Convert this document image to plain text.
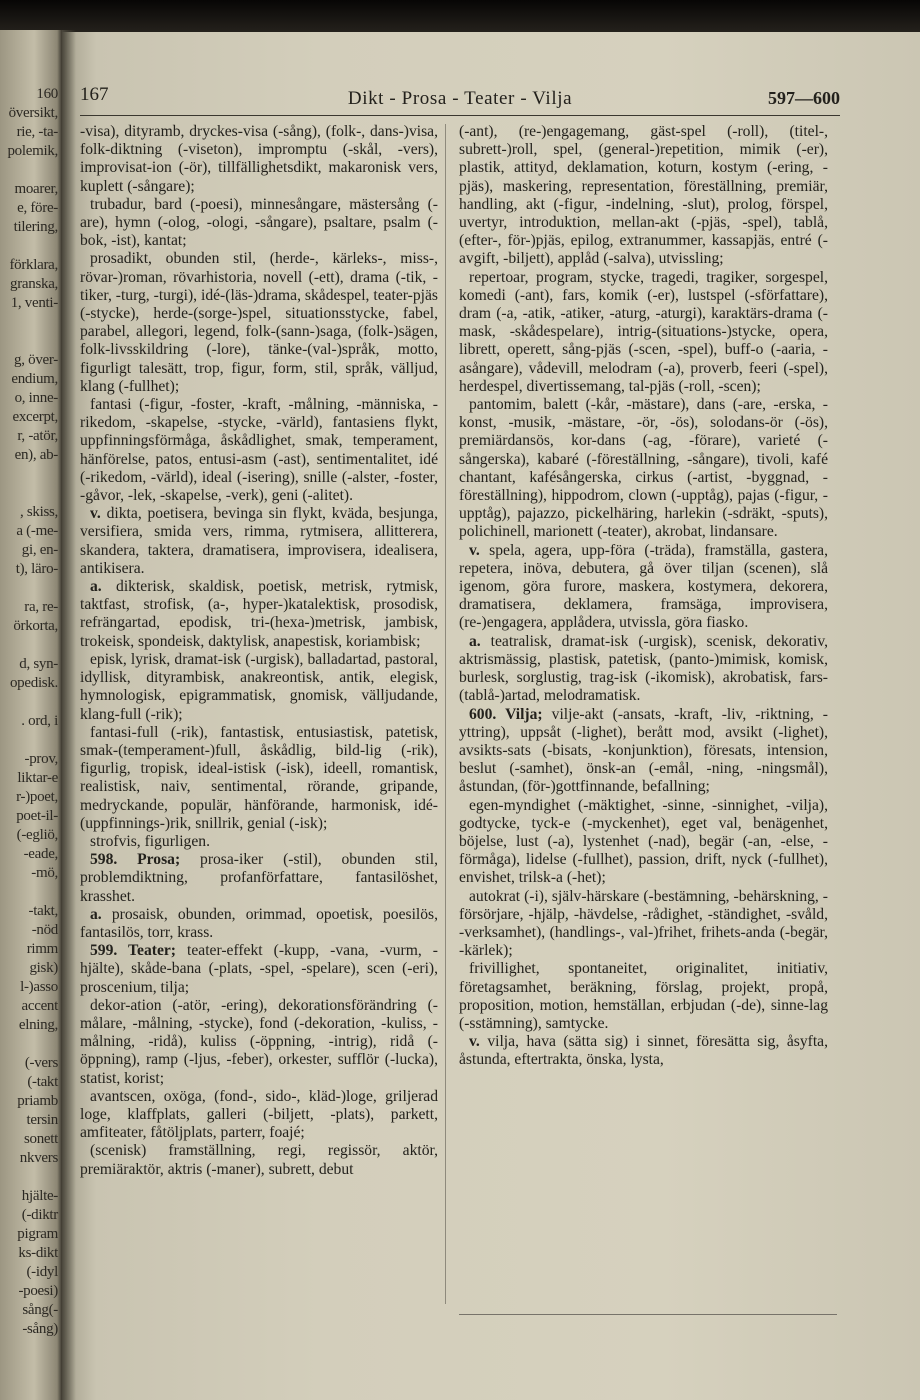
160
översikt,
rie, -ta-
polemik,
moarer,
e, före-
tilering,
förklara,
granska,
1, venti-
g, över-
endium,
o, inne-
excerpt,
r, -atör,
en), ab-
, skiss,
a (-me-
gi, en-
t), läro-
ra, re-
örkorta,
d, syn-
opedisk.
. ord, i
-prov,
liktar-e
r-)poet,
poet-il-
(-egliö,
-eade,
-mö,
-takt,
-nöd
rimm
gisk)
l-)asso
accent
elning,
(-vers
(-takt
priamb
tersin
sonett
nkvers
hjälte-
(-diktr
pigram
ks-dikt
(-idyl
-poesi)
sång(-
-sång)
167	Dikt - Prosa - Teater - Vilja	597—600

-visa), dityramb, dryckes-visa (-sång), (folk-, dans-)visa, folk-diktning (-viseton), impromptu (-skål, -vers), improvisat-ion (-ör), tillfällighetsdikt, makaronisk vers, kuplett (-sångare);

trubadur, bard (-poesi), minnesångare, mästersång (-are), hymn (-olog, -ologi, -sångare), psaltare, psalm (-bok, -ist), kantat;

prosadikt, obunden stil, (herde-, kärleks-, miss-, rövar-)roman, rövarhistoria, novell (-ett), drama (-tik, -tiker, -turg, -turgi), idé-(läs-)drama, skådespel, teater-pjäs (-stycke), herde-(sorge-)spel, situationsstycke, fabel, parabel, allegori, legend, folk-(sann-)saga, (folk-)sägen, folk-livsskildring (-lore), tänke-(val-)språk, motto, figurligt talesätt, trop, figur, form, stil, språk, välljud, klang (-fullhet);

fantasi (-figur, -foster, -kraft, -målning, -människa, -rikedom, -skapelse, -stycke, -värld), fantasiens flykt, uppfinningsförmåga, åskådlighet, smak, temperament, hänförelse, patos, entusi-asm (-ast), sentimentalitet, idé (-rikedom, -värld), ideal (-isering), snille (-alster, -foster, -gåvor, -lek, -skapelse, -verk), geni (-alitet).

v. dikta, poetisera, bevinga sin flykt, kväda, besjunga, versifiera, smida vers, rimma, rytmisera, allitterera, skandera, taktera, dramatisera, improvisera, idealisera, antikisera.

a. dikterisk, skaldisk, poetisk, metrisk, rytmisk, taktfast, strofisk, (a-, hyper-)katalektisk, prosodisk, refrängartad, epodisk, tri-(hexa-)metrisk, jambisk, trokeisk, spondeisk, daktylisk, anapestisk, koriambisk;

episk, lyrisk, dramat-isk (-urgisk), balladartad, pastoral, idyllisk, dityrambisk, anakreontisk, antik, elegisk, hymnologisk, epigrammatisk, gnomisk, välljudande, klang-full (-rik);

fantasi-full (-rik), fantastisk, entusiastisk, patetisk, smak-(temperament-)full, åskådlig, bild-lig (-rik), figurlig, tropisk, ideal-istisk (-isk), ideell, romantisk, realistisk, naiv, sentimental, rörande, gripande, medryckande, populär, hänförande, harmonisk, idé-(uppfinnings-)rik, snillrik, genial (-isk);

strofvis, figurligen.

598. Prosa; prosa-iker (-stil), obunden stil, problemdiktning, profanförfattare, fantasilöshet, krasshet.

a. prosaisk, obunden, orimmad, opoetisk, poesilös, fantasilös, torr, krass.

599. Teater; teater-effekt (-kupp, -vana, -vurm, -hjälte), skåde-bana (-plats, -spel, -spelare), scen (-eri), proscenium, tilja;

dekor-ation (-atör, -ering), dekorationsförändring (-målare, -målning, -stycke), fond (-dekoration, -kuliss, -målning, -ridå), kuliss (-öppning, -intrig), ridå (-öppning), ramp (-ljus, -feber), orkester, sufflör (-lucka), statist, korist;

avantscen, oxöga, (fond-, sido-, kläd-)loge, griljerad loge, klaffplats, galleri (-biljett, -plats), parkett, amfiteater, fåtöljplats, parterr, foajé;

(scenisk) framställning, regi, regissör, aktör, premiäraktör, aktris (-maner), subrett, debut

(-ant), (re-)engagemang, gäst-spel (-roll), (titel-, subrett-)roll, spel, (general-)repetition, mimik (-er), plastik, attityd, deklamation, koturn, kostym (-ering, -pjäs), maskering, representation, föreställning, premiär, handling, akt (-figur, -indelning, -slut), prolog, förspel, uvertyr, introduktion, mellan-akt (-pjäs, -spel), tablå, (efter-, för-)pjäs, epilog, extranummer, kassapjäs, entré (-avgift, -biljett), applåd (-salva), utvissling;

repertoar, program, stycke, tragedi, tragiker, sorgespel, komedi (-ant), fars, komik (-er), lustspel (-sförfattare), dram (-a, -atik, -atiker, -aturg, -aturgi), karaktärs-drama (-mask, -skådespelare), intrig-(situations-)stycke, opera, librett, operett, sång-pjäs (-scen, -spel), buff-o (-aaria, -asångare), vådevill, melodram (-a), proverb, feeri (-spel), herdespel, divertissemang, tal-pjäs (-roll, -scen);

pantomim, balett (-kår, -mästare), dans (-are, -erska, -konst, -musik, -mästare, -ör, -ös), solodans-ör (-ös), premiärdansös, kor-dans (-ag, -förare), varieté (-sångerska), kabaré (-föreställning, -sångare), tivoli, kafé chantant, kafésångerska, cirkus (-artist, -byggnad, -föreställning), hippodrom, clown (-upptåg), pajas (-figur, -upptåg), pajazzo, pickelhäring, harlekin (-sdräkt, -sputs), polichinell, marionett (-teater), akrobat, lindansare.

v. spela, agera, upp-föra (-träda), framställa, gastera, repetera, inöva, debutera, gå över tiljan (scenen), slå igenom, göra furore, maskera, kostymera, dekorera, dramatisera, deklamera, framsäga, improvisera, (re-)engagera, applådera, utvissla, göra fiasko.

a. teatralisk, dramat-isk (-urgisk), scenisk, dekorativ, aktrismässig, plastisk, patetisk, (panto-)mimisk, komisk, burlesk, sorglustig, trag-isk (-ikomisk), akrobatisk, fars-(tablå-)artad, melodramatisk.

600. Vilja; vilje-akt (-ansats, -kraft, -liv, -riktning, -yttring), uppsåt (-lighet), berått mod, avsikt (-lighet), avsikts-sats (-bisats, -konjunktion), föresats, intension, beslut (-samhet), önsk-an (-emål, -ning, -ningsmål), åstundan, (för-)gottfinnande, befallning;

egen-myndighet (-mäktighet, -sinne, -sinnighet, -vilja), godtycke, tyck-e (-myckenhet), eget val, benägenhet, böjelse, lust (-a), lystenhet (-nad), begär (-an, -else, -förmåga), lidelse (-fullhet), passion, drift, nyck (-fullhet), envishet, trilsk-a (-het);

autokrat (-i), själv-härskare (-bestämning, -behärskning, -försörjare, -hjälp, -hävdelse, -rådighet, -ständighet, -svåld, -verksamhet), (handlings-, val-)frihet, frihets-anda (-begär, -kärlek);

frivillighet, spontaneitet, originalitet, initiativ, företagsamhet, beräkning, förslag, projekt, propå, proposition, motion, hemställan, erbjudan (-de), sinne-lag (-sstämning), samtycke.

v. vilja, hava (sätta sig) i sinnet, föresätta sig, åsyfta, åstunda, eftertrakta, önska, lysta,
